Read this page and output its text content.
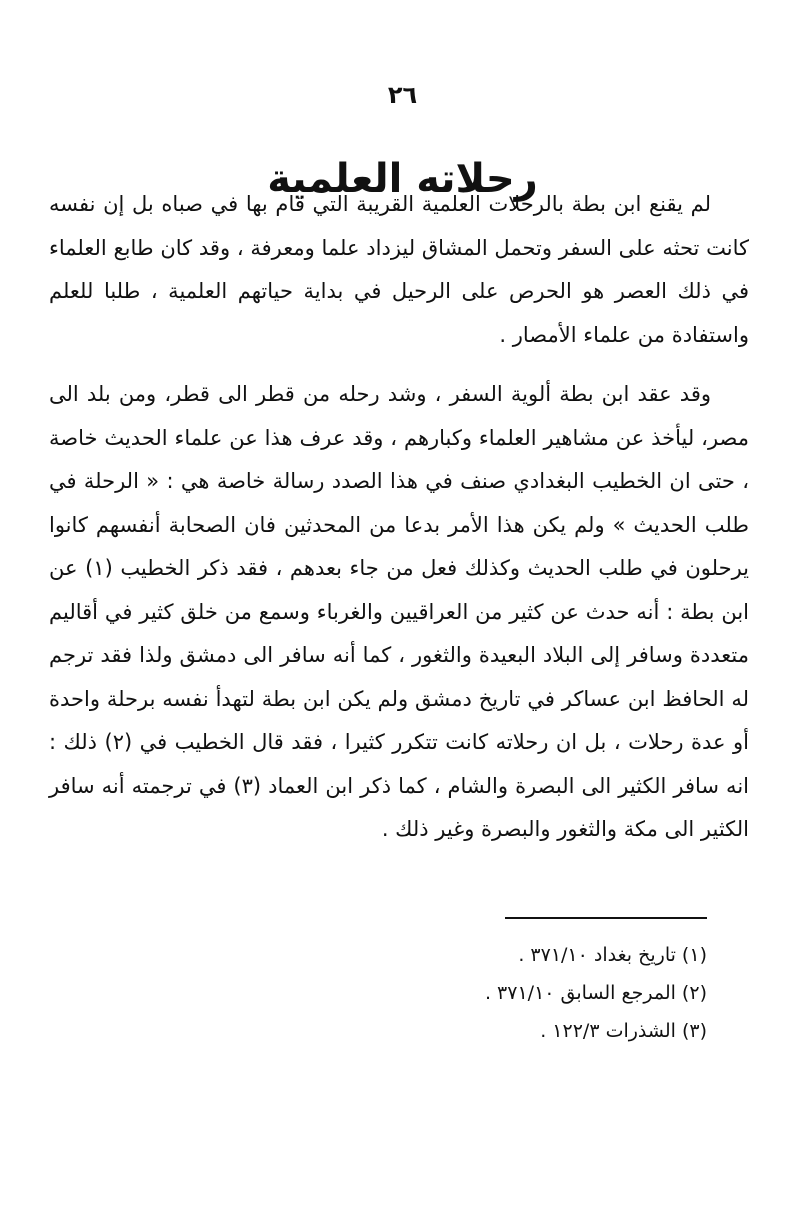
٢٦
رحلاته العلمية

لم يقنع ابن بطة بالرحلات العلمية القريبة التي قام بها في صباه بل إن نفسه كانت تحثه على السفر وتحمل المشاق ليزداد علما ومعرفة ، وقد كان طابع العلماء في ذلك العصر هو الحرص على الرحيل في بداية حياتهم العلمية ، طلبا للعلم واستفادة من علماء الأمصار .

وقد عقد ابن بطة ألوية السفر ، وشد رحله من قطر الى قطر، ومن بلد الى مصر، ليأخذ عن مشاهير العلماء وكبارهم ، وقد عرف هذا عن علماء الحديث خاصة ، حتى ان الخطيب البغدادي صنف في هذا الصدد رسالة خاصة هي : « الرحلة في طلب الحديث » ولم يكن هذا الأمر بدعا من المحدثين فان الصحابة أنفسهم كانوا يرحلون في طلب الحديث وكذلك فعل من جاء بعدهم ، فقد ذكر الخطيب (١) عن ابن بطة : أنه حدث عن كثير من العراقيين والغرباء وسمع من خلق كثير في أقاليم متعددة وسافر إلى البلاد البعيدة والثغور ، كما أنه سافر الى دمشق ولذا فقد ترجم له الحافظ ابن عساكر في تاريخ دمشق ولم يكن ابن بطة لتهدأ نفسه برحلة واحدة أو عدة رحلات ، بل ان رحلاته كانت تتكرر كثيرا ، فقد قال الخطيب في (٢) ذلك : انه سافر الكثير الى البصرة والشام ، كما ذكر ابن العماد (٣) في ترجمته أنه سافر الكثير الى مكة والثغور والبصرة وغير ذلك .

(١) تاريخ بغداد ٣٧١/١٠ .
(٢) المرجع السابق ٣٧١/١٠ .
(٣) الشذرات ١٢٢/٣ .
